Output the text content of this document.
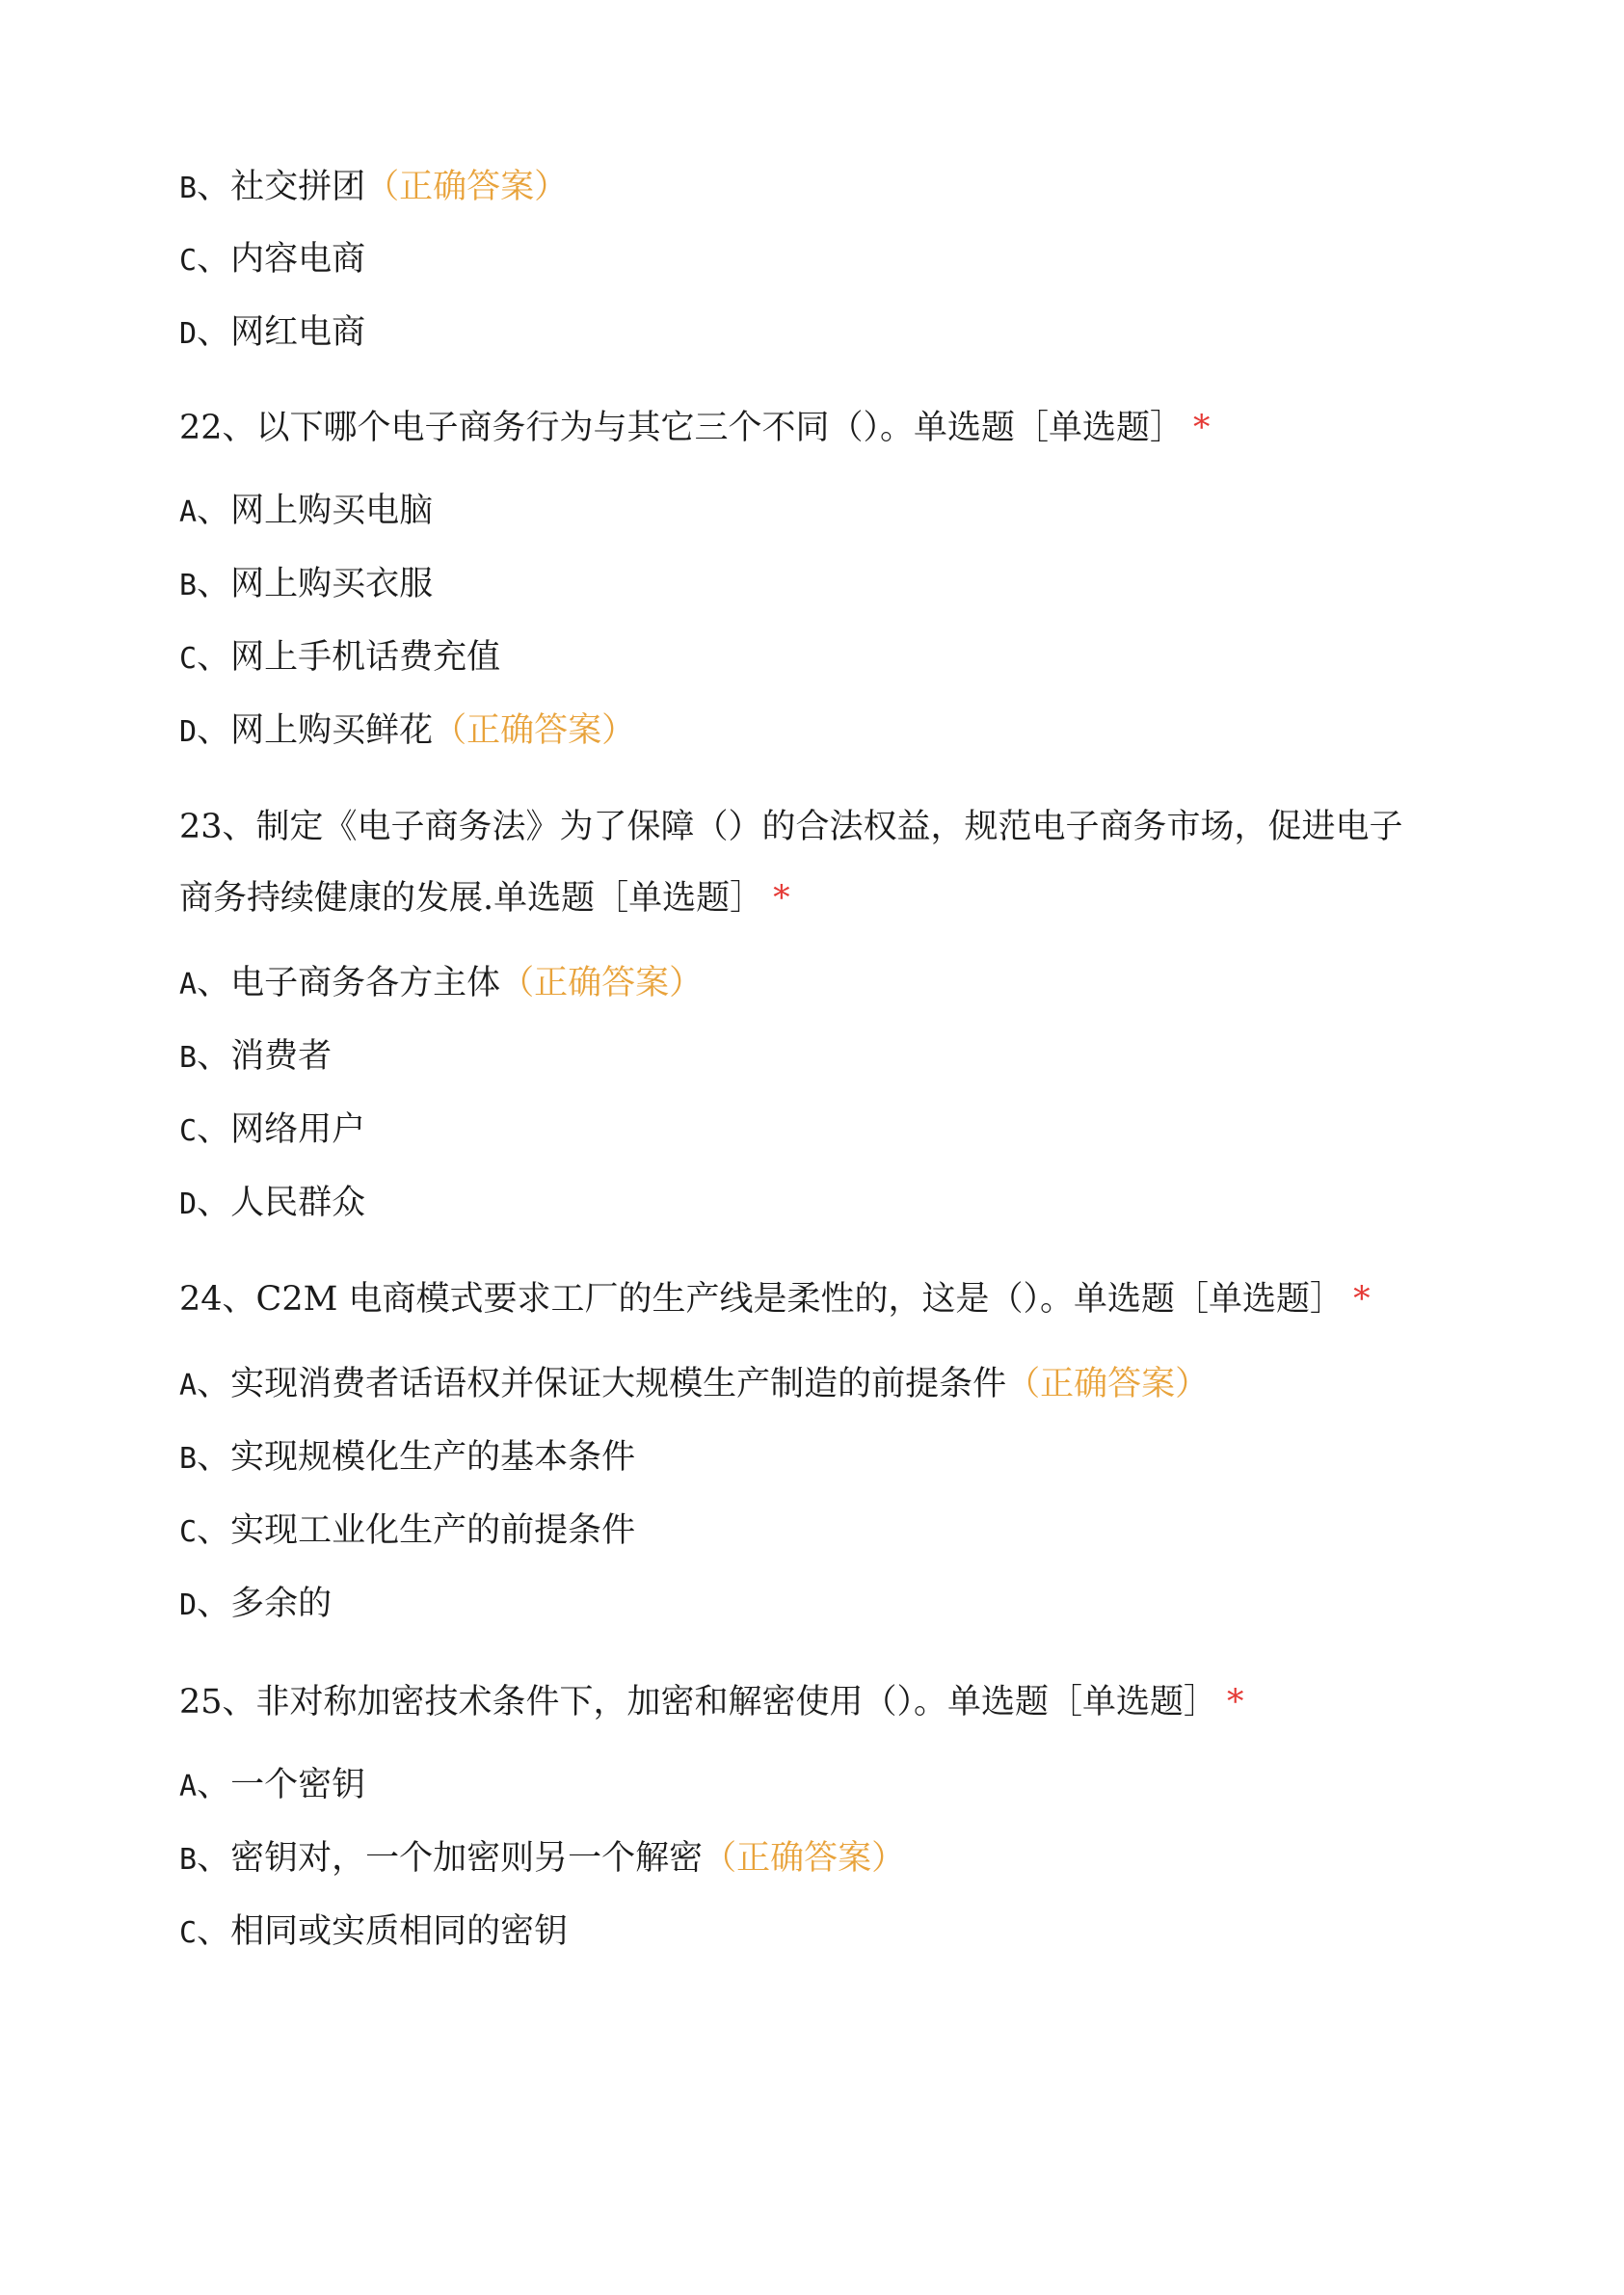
B、社交拼团（正确答案）
C、内容电商
D、网红电商
22、以下哪个电子商务行为与其它三个不同（）。单选题［单选题］ *
A、网上购买电脑
B、网上购买衣服
C、网上手机话费充值
D、网上购买鲜花（正确答案）
23、制定《电子商务法》为了保障（）的合法权益，规范电子商务市场，促进电子
商务持续健康的发展.单选题［单选题］ *
A、电子商务各方主体（正确答案）
B、消费者
C、网络用户
D、人民群众
24、C2M 电商模式要求工厂的生产线是柔性的，这是（）。单选题［单选题］ *
A、实现消费者话语权并保证大规模生产制造的前提条件（正确答案）
B、实现规模化生产的基本条件
C、实现工业化生产的前提条件
D、多余的
25、非对称加密技术条件下，加密和解密使用（）。单选题［单选题］ *
A、一个密钥
B、密钥对，一个加密则另一个解密（正确答案）
C、相同或实质相同的密钥
